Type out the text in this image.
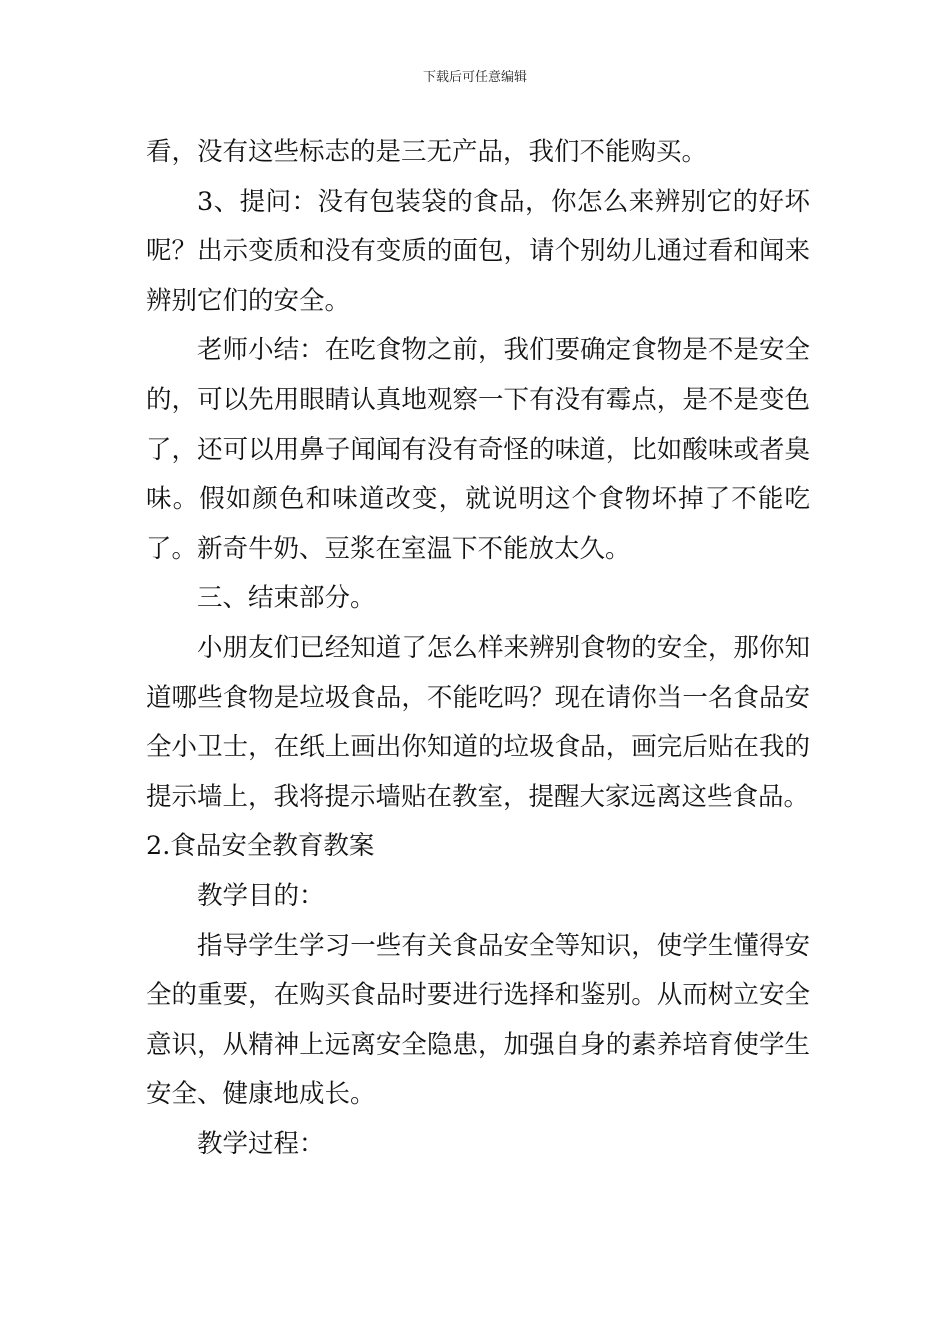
下载后可任意编辑

看，没有这些标志的是三无产品，我们不能购买。

3、提问：没有包装袋的食品，你怎么来辨别它的好坏呢？出示变质和没有变质的面包，请个别幼儿通过看和闻来辨别它们的安全。

老师小结：在吃食物之前，我们要确定食物是不是安全的，可以先用眼睛认真地观察一下有没有霉点，是不是变色了，还可以用鼻子闻闻有没有奇怪的味道，比如酸味或者臭味。假如颜色和味道改变，就说明这个食物坏掉了不能吃了。新奇牛奶、豆浆在室温下不能放太久。

三、结束部分。

小朋友们已经知道了怎么样来辨别食物的安全，那你知道哪些食物是垃圾食品，不能吃吗？现在请你当一名食品安全小卫士，在纸上画出你知道的垃圾食品，画完后贴在我的提示墙上，我将提示墙贴在教室，提醒大家远离这些食品。

2.食品安全教育教案

教学目的：

指导学生学习一些有关食品安全等知识，使学生懂得安全的重要，在购买食品时要进行选择和鉴别。从而树立安全意识，从精神上远离安全隐患，加强自身的素养培育使学生安全、健康地成长。

教学过程：
